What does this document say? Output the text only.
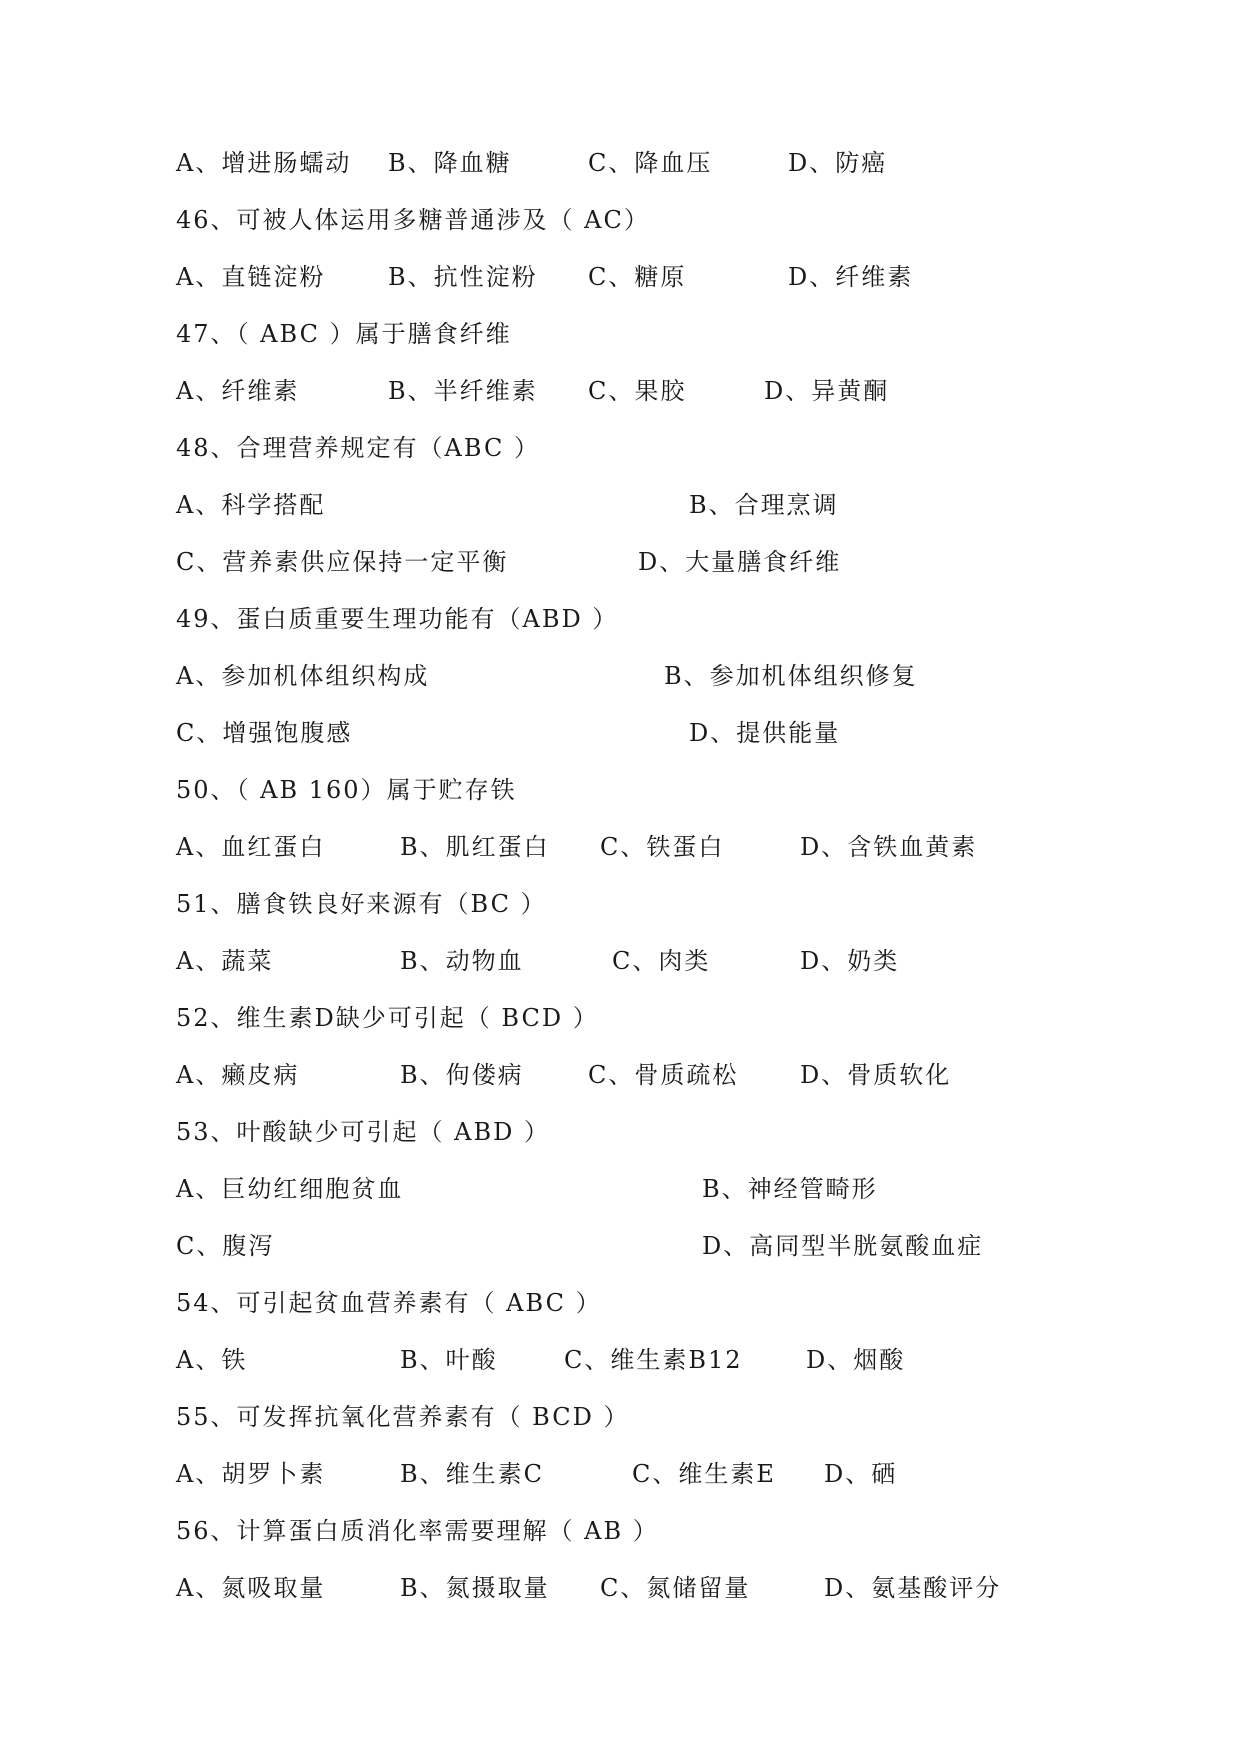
A、增进肠蠕动 B、降血糖	C、降血压	D、防癌
46、可被人体运用多糖普通涉及（ AC）
A、直链淀粉	B、抗性淀粉 C、糖原	D、纤维素
47、（ ABC ）属于膳食纤维
A、纤维素	B、半纤维素 C、果胶	D、异黄酮
48、合理营养规定有（ABC ）
A、科学搭配	B、合理烹调
C、营养素供应保持一定平衡	D、大量膳食纤维
49、蛋白质重要生理功能有（ABD ）
A、参加机体组织构成	B、参加机体组织修复
C、增强饱腹感	D、提供能量
50、（ AB 160）属于贮存铁
A、血红蛋白	B、肌红蛋白 C、铁蛋白	D、含铁血黄素
51、膳食铁良好来源有（BC ）
A、蔬菜	B、动物血	C、肉类	D、奶类
52、维生素D缺少可引起（ BCD ）
A、癞皮病	B、佝偻病	C、骨质疏松	D、骨质软化
53、叶酸缺少可引起（ ABD ）
A、巨幼红细胞贫血	B、神经管畸形
C、腹泻	D、高同型半胱氨酸血症
54、可引起贫血营养素有（ ABC ）
A、铁	B、叶酸	C、维生素B12	D、烟酸
55、可发挥抗氧化营养素有（ BCD ）
A、胡罗卜素	B、维生素C	C、维生素E D、硒
56、计算蛋白质消化率需要理解（ AB ）
A、氮吸取量	B、氮摄取量 C、氮储留量	D、氨基酸评分
